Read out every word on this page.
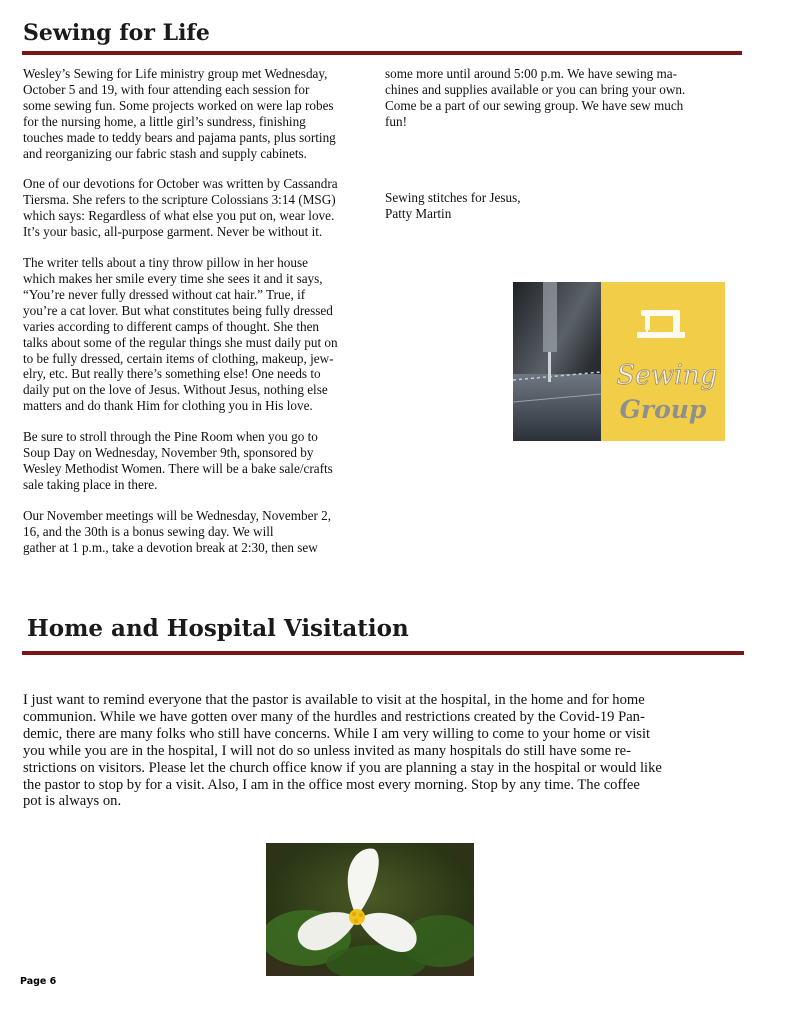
Sewing for Life

Wesley’s Sewing for Life ministry group met Wednesday,
October 5 and 19, with four attending each session for
some sewing fun. Some projects worked on were lap robes
for the nursing home, a little girl’s sundress, finishing
touches made to teddy bears and pajama pants, plus sorting
and reorganizing our fabric stash and supply cabinets.

One of our devotions for October was written by Cassandra
Tiersma. She refers to the scripture Colossians 3:14 (MSG)
which says: Regardless of what else you put on, wear love.
It’s your basic, all-purpose garment. Never be without it.

The writer tells about a tiny throw pillow in her house
which makes her smile every time she sees it and it says,
“You’re never fully dressed without cat hair.” True, if
you’re a cat lover. But what constitutes being fully dressed
varies according to different camps of thought. She then
talks about some of the regular things she must daily put on
to be fully dressed, certain items of clothing, makeup, jew-
elry, etc. But really there’s something else! One needs to
daily put on the love of Jesus. Without Jesus, nothing else
matters and do thank Him for clothing you in His love.

Be sure to stroll through the Pine Room when you go to
Soup Day on Wednesday, November 9th, sponsored by
Wesley Methodist Women. There will be a bake sale/crafts
sale taking place in there.

Our November meetings will be Wednesday, November 2,
16, and the 30th is a bonus sewing day. We will
gather at 1 p.m., take a devotion break at 2:30, then sew

some more until around 5:00 p.m. We have sewing ma-
chines and supplies available or you can bring your own.
Come be a part of our sewing group. We have sew much
fun!

Sewing stitches for Jesus,
Patty Martin
Sewing
Group
Home and Hospital Visitation
I just want to remind everyone that the pastor is available to visit at the hospital, in the home and for home
communion. While we have gotten over many of the hurdles and restrictions created by the Covid-19 Pan-
demic, there are many folks who still have concerns. While I am very willing to come to your home or visit
you while you are in the hospital, I will not do so unless invited as many hospitals do still have some re-
strictions on visitors. Please let the church office know if you are planning a stay in the hospital or would like
the pastor to stop by for a visit. Also, I am in the office most every morning. Stop by any time. The coffee
pot is always on.
Page 6
